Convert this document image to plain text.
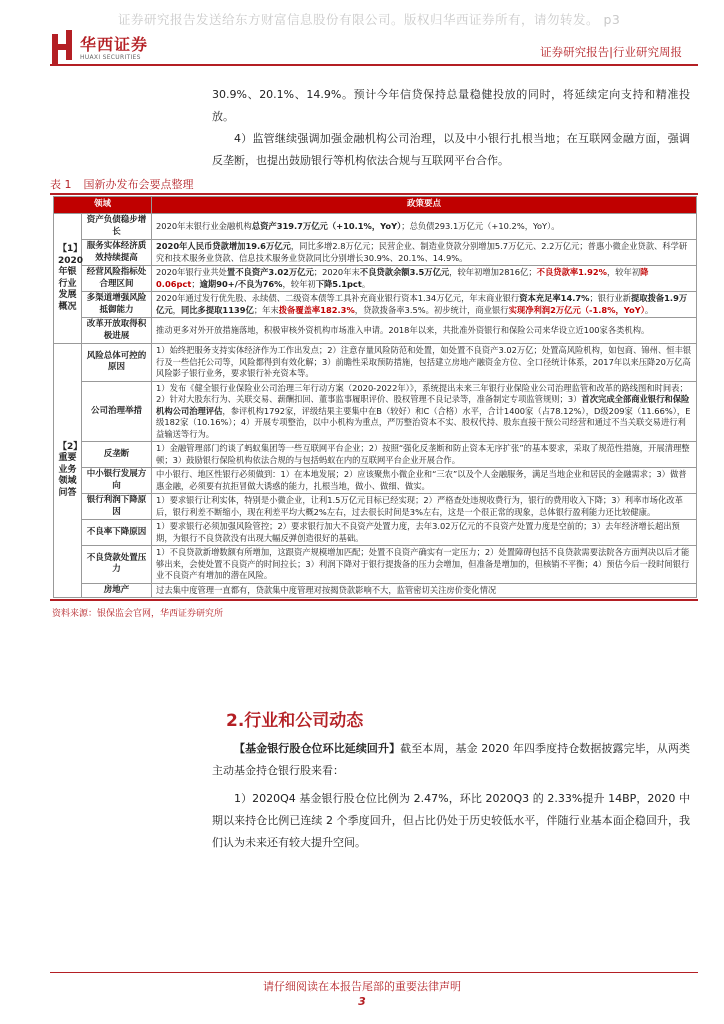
证券研究报告发送给东方财富信息股份有限公司。版权归华西证券所有，请勿转发。 p3
华西证券
HUAXI SECURITIES	证券研究报告|行业研究周报
30.9%、20.1%、14.9%。预计今年信贷保持总量稳健投放的同时，将延续定向支持和精准投放。
4）监管继续强调加强金融机构公司治理，以及中小银行扎根当地；在互联网金融方面，强调反垄断，也提出鼓励银行等机构依法合规与互联网平台合作。
表 1 国新办发布会要点整理
领域		政策要点
【1】2020年银行业发展概况	资产负债稳步增长	2020年末银行业金融机构总资产319.7万亿元（+10.1%，YoY）；总负债293.1万亿元（+10.2%，YoY）。
	服务实体经济质效持续提高	2020年人民币贷款增加19.6万亿元，同比多增2.8万亿元；民营企业、制造业贷款分别增加5.7万亿元、2.2万亿元；普惠小微企业贷款、科学研究和技术服务业贷款、信息技术服务业贷款同比分别增长30.9%、20.1%、14.9%。
	经营风险指标处合理区间	2020年银行业共处置不良资产3.02万亿元；2020年末不良贷款余额3.5万亿元，较年初增加2816亿；不良贷款率1.92%，较年初降0.06pct；逾期90+/不良为76%，较年初下降5.1pct。
	多渠道增强风险抵御能力	2020年通过发行优先股、永续债、二级资本债等工具补充商业银行资本1.34万亿元，年末商业银行资本充足率14.7%；银行业新提取拨备1.9万亿元，同比多提取1139亿；年末拨备覆盖率182.3%，贷款拨备率3.5%。初步统计，商业银行实现净利润2万亿元（-1.8%，YoY）。
	改革开放取得积极进展	推动更多对外开放措施落地，积极审核外资机构市场准入申请。2018年以来，共批准外资银行和保险公司来华设立近100家各类机构。
【2】重要业务领域问答	风险总体可控的原因	1）始终把服务支持实体经济作为工作出发点；2）注意存量风险防范和处置，如处置不良资产3.02万亿；处置高风险机构，如包商、锦州、恒丰银行及一些信托公司等，风险都得到有效化解；3）前瞻性采取预防措施，包括建立房地产融资金方位、全口径统计体系，2017年以来压降20万亿高风险影子银行业务，要求银行补充资本等。
	公司治理举措	1）发布《健全银行业保险业公司治理三年行动方案（2020-2022年）》，系统提出未来三年银行业保险业公司治理监管和改革的路线图和时间表；2）针对大股东行为、关联交易、薪酬扣回、董事监事履职评价、股权管理不良记录等，准备制定专项监管规则；3）首次完成全部商业银行和保险机构公司治理评估，参评机构1792家，评级结果主要集中在B（较好）和C（合格）水平，合计1400家（占78.12%），D级209家（11.66%），E级182家（10.16%）；4）开展专项整治，以中小机构为重点，严厉整治资本不实、股权代持、股东直接干预公司经营和通过不当关联交易进行利益输送等行为。
	反垄断	1）金融管理部门约谈了蚂蚁集团等一些互联网平台企业；2）按照“强化反垄断和防止资本无序扩张”的基本要求，采取了规范性措施，开展清理整顿；3）鼓励银行保险机构依法合规的与包括蚂蚁在内的互联网平台企业开展合作。
	中小银行发展方向	中小银行、地区性银行必须做到：1）在本地发展；2）应该聚焦小微企业和“三农”以及个人金融服务，满足当地企业和居民的金融需求；3）做普惠金融，必须要有抗拒冒做大诱惑的能力，扎根当地，做小、做细、做实。
	银行利润下降原因	1）要求银行让利实体，特别是小微企业，让利1.5万亿元目标已经实现；2）严格查处违规收费行为，银行的费用收入下降；3）利率市场化改革后，银行利差不断缩小，现在利差平均大概2%左右，过去很长时间是3%左右，这是一个很正常的现象，总体银行盈利能力还比较健康。
	不良率下降原因	1）要求银行必须加强风险管控；2）要求银行加大不良资产处置力度，去年3.02万亿元的不良资产处置力度是空前的；3）去年经济增长超出预期，为银行不良贷款没有出现大幅反弹创造很好的基础。
	不良贷款处置压力	1）不良贷款新增数额有所增加，这跟资产规模增加匹配；处置不良资产确实有一定压力；2）处置障碍包括不良贷款需要法院各方面判决以后才能够出来，会使处置不良资产的时间拉长；3）利润下降对于银行提拨备的压力会增加，但准备是增加的，但核销不平衡；4）预估今后一段时间银行业不良资产有增加的潜在风险。
	房地产	过去集中度管理一直都有，贷款集中度管理对按揭贷款影响不大，监管密切关注房价变化情况
资料来源：银保监会官网，华西证券研究所
2.行业和公司动态
【基金银行股仓位环比延续回升】截至本周，基金 2020 年四季度持仓数据披露完毕，从两类主动基金持仓银行股来看：
1）2020Q4 基金银行股仓位比例为 2.47%，环比 2020Q3 的 2.33%提升 14BP，2020 中期以来持仓比例已连续 2 个季度回升，但占比仍处于历史较低水平，伴随行业基本面企稳回升，我们认为未来还有较大提升空间。
请仔细阅读在本报告尾部的重要法律声明
3
